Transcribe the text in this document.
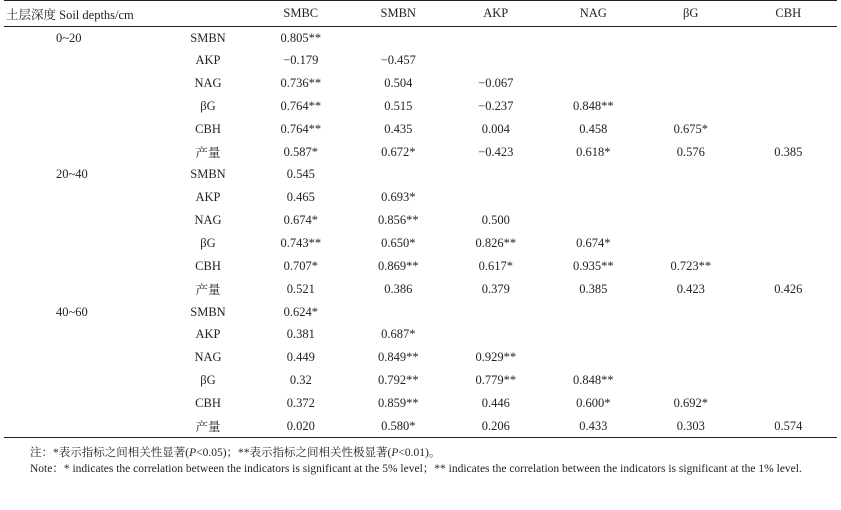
土层深度 Soil depths/cm		SMBC	SMBN	AKP	NAG	βG	CBH
0~20	SMBN	0.805**					
	AKP	−0.179	−0.457				
	NAG	0.736**	0.504	−0.067			
	βG	0.764**	0.515	−0.237	0.848**		
	CBH	0.764**	0.435	0.004	0.458	0.675*	
	产量	0.587*	0.672*	−0.423	0.618*	0.576	0.385
20~40	SMBN	0.545					
	AKP	0.465	0.693*				
	NAG	0.674*	0.856**	0.500			
	βG	0.743**	0.650*	0.826**	0.674*		
	CBH	0.707*	0.869**	0.617*	0.935**	0.723**	
	产量	0.521	0.386	0.379	0.385	0.423	0.426
40~60	SMBN	0.624*					
	AKP	0.381	0.687*				
	NAG	0.449	0.849**	0.929**			
	βG	0.32	0.792**	0.779**	0.848**		
	CBH	0.372	0.859**	0.446	0.600*	0.692*	
	产量	0.020	0.580*	0.206	0.433	0.303	0.574

注：*表示指标之间相关性显著(P<0.05)；**表示指标之间相关性极显著(P<0.01)。

Note：* indicates the correlation between the indicators is significant at the 5% level；** indicates the correlation between the indicators is significant at the 1% level.
